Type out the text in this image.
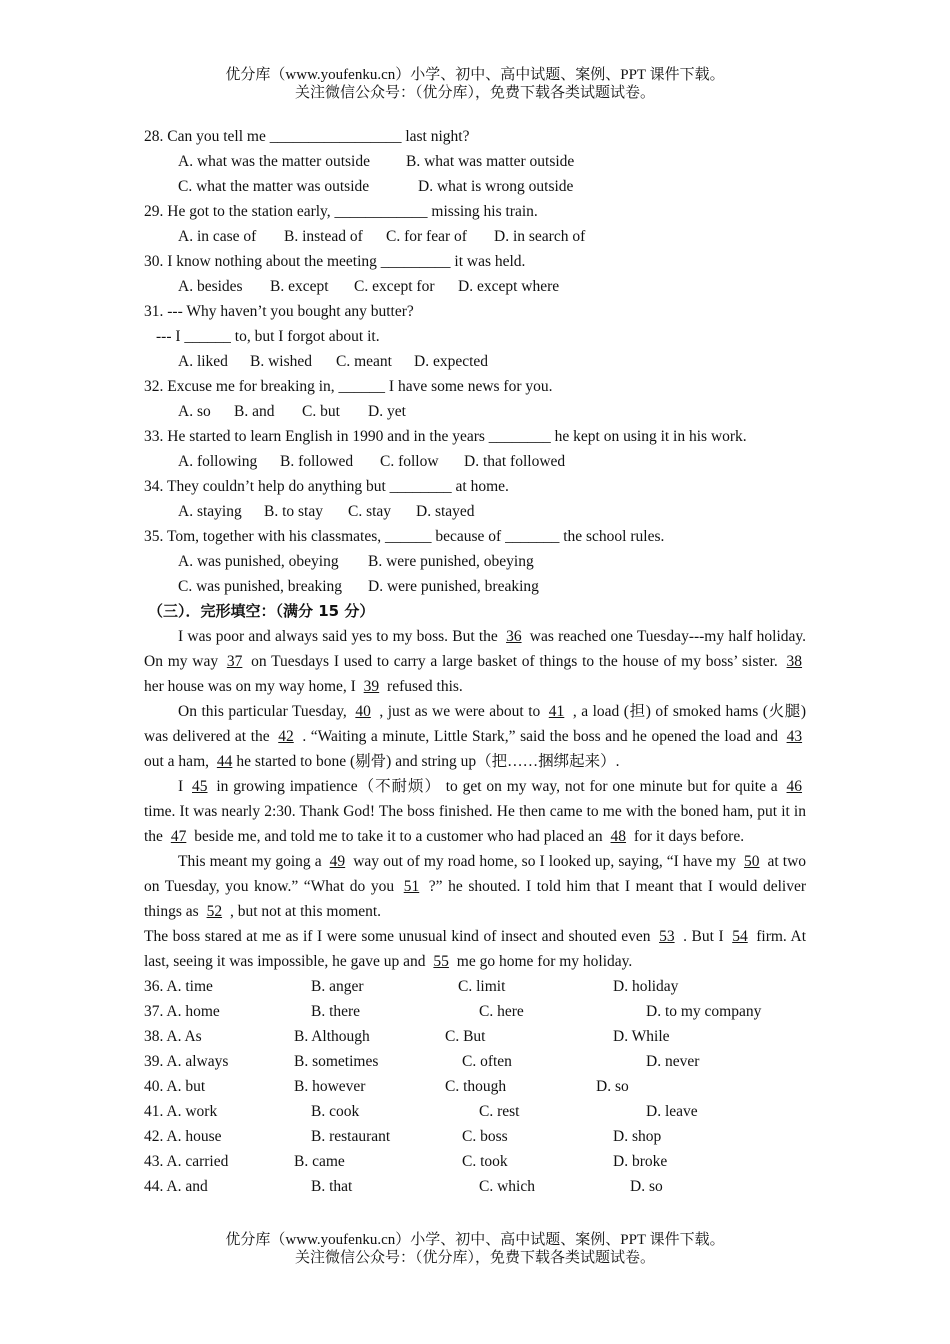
优分库（www.youfenku.cn）小学、初中、高中试题、案例、PPT 课件下载。
关注微信公众号：（优分库），免费下载各类试题试卷。
28. Can you tell me _________________ last night?
A. what was the matter outside B. what was matter outside
C. what the matter was outside	D. what is wrong outside
29. He got to the station early, ____________ missing his train.
A. in case of B. instead of C. for fear of D. in search of
30. I know nothing about the meeting _________ it was held.
A. besides B. except C. except for D. except where
31. --- Why haven’t you bought any butter?
--- I ______ to, but I forgot about it.
A. liked B. wished C. meant D. expected
32. Excuse me for breaking in, ______ I have some news for you.
A. so B. and C. but D. yet
33. He started to learn English in 1990 and in the years ________ he kept on using it in his work.
A. following B. followed C. follow D. that followed
34. They couldn’t help do anything but ________ at home.
A. staying B. to stay C. stay D. stayed
35. Tom, together with his classmates, ______ because of _______ the school rules.
A. was punished, obeying B. were punished, obeying
C. was punished, breaking D. were punished, breaking
（三）．完形填空：（满分 15 分）
I was poor and always said yes to my boss. But the 36 was reached one Tuesday---my half holiday. On my way 37 on Tuesdays I used to carry a large basket of things to the house of my boss’ sister. 38 her house was on my way home, I 39 refused this.
On this particular Tuesday, 40 , just as we were about to 41 , a load (担) of smoked hams (火腿) was delivered at the 42 . “Waiting a minute, Little Stark,” said the boss and he opened the load and 43 out a ham, 44 he started to bone (剔骨) and string up（把……捆绑起来）.
I 45 in growing impatience（不耐烦） to get on my way, not for one minute but for quite a 46 time. It was nearly 2:30. Thank God! The boss finished. He then came to me with the boned ham, put it in the 47 beside me, and told me to take it to a customer who had placed an 48 for it days before.
This meant my going a 49 way out of my road home, so I looked up, saying, “I have my 50 at two on Tuesday, you know.” “What do you 51 ?” he shouted. I told him that I meant that I would deliver things as 52 , but not at this moment.
The boss stared at me as if I were some unusual kind of insect and shouted even 53 . But I 54 firm. At last, seeing it was impossible, he gave up and 55 me go home for my holiday.
36. A. time	B. anger	C. limit	D. holiday
37. A. home	B. there	C. here	D. to my company
38. A. As	B. Although	C. But	D. While
39. A. always	B. sometimes	C. often	D. never
40. A. but	B. however	C. though	D. so
41. A. work	B. cook	C. rest	D. leave
42. A. house	B. restaurant	C. boss	D. shop
43. A. carried	B. came	C. took	D. broke
44. A. and	B. that	C. which	D. so
优分库（www.youfenku.cn）小学、初中、高中试题、案例、PPT 课件下载。
关注微信公众号：（优分库），免费下载各类试题试卷。
